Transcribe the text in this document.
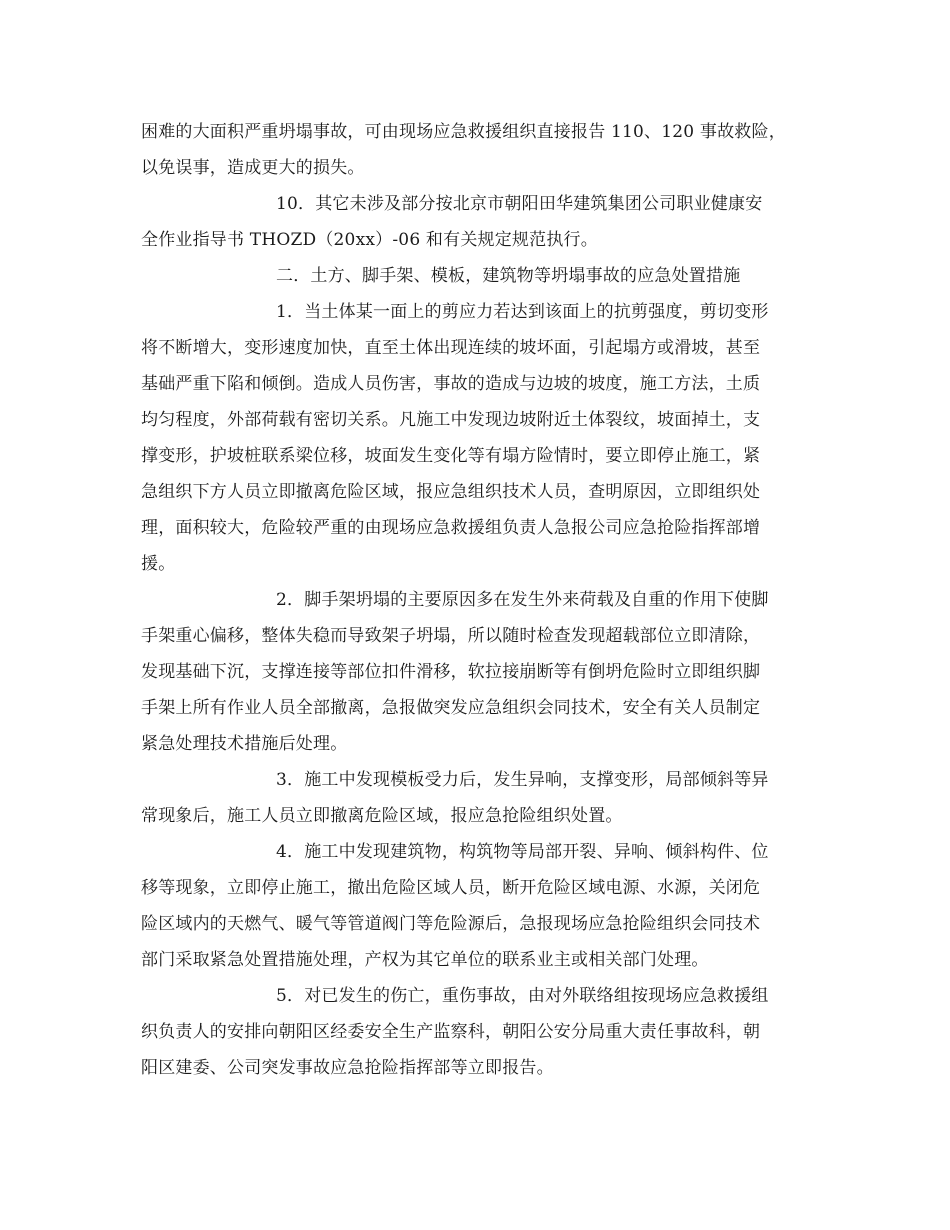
困难的大面积严重坍塌事故，可由现场应急救援组织直接报告 110、120 事故救险，
以免误事，造成更大的损失。
10．其它未涉及部分按北京市朝阳田华建筑集团公司职业健康安
全作业指导书 THOZD（20xx）-06 和有关规定规范执行。
二．土方、脚手架、模板，建筑物等坍塌事故的应急处置措施
1．当土体某一面上的剪应力若达到该面上的抗剪强度，剪切变形
将不断增大，变形速度加快，直至土体出现连续的坡坏面，引起塌方或滑坡，甚至
基础严重下陷和倾倒。造成人员伤害，事故的造成与边坡的坡度，施工方法，土质
均匀程度，外部荷载有密切关系。凡施工中发现边坡附近土体裂纹，坡面掉土，支
撑变形，护坡桩联系梁位移，坡面发生变化等有塌方险情时，要立即停止施工，紧
急组织下方人员立即撤离危险区域，报应急组织技术人员，查明原因，立即组织处
理，面积较大，危险较严重的由现场应急救援组负责人急报公司应急抢险指挥部增
援。
2．脚手架坍塌的主要原因多在发生外来荷载及自重的作用下使脚
手架重心偏移，整体失稳而导致架子坍塌，所以随时检查发现超载部位立即清除，
发现基础下沉，支撑连接等部位扣件滑移，软拉接崩断等有倒坍危险时立即组织脚
手架上所有作业人员全部撤离，急报做突发应急组织会同技术，安全有关人员制定
紧急处理技术措施后处理。
3．施工中发现模板受力后，发生异响，支撑变形，局部倾斜等异
常现象后，施工人员立即撤离危险区域，报应急抢险组织处置。
4．施工中发现建筑物，构筑物等局部开裂、异响、倾斜构件、位
移等现象，立即停止施工，撤出危险区域人员，断开危险区域电源、水源，关闭危
险区域内的天燃气、暖气等管道阀门等危险源后，急报现场应急抢险组织会同技术
部门采取紧急处置措施处理，产权为其它单位的联系业主或相关部门处理。
5．对已发生的伤亡，重伤事故，由对外联络组按现场应急救援组
织负责人的安排向朝阳区经委安全生产监察科，朝阳公安分局重大责任事故科，朝
阳区建委、公司突发事故应急抢险指挥部等立即报告。
